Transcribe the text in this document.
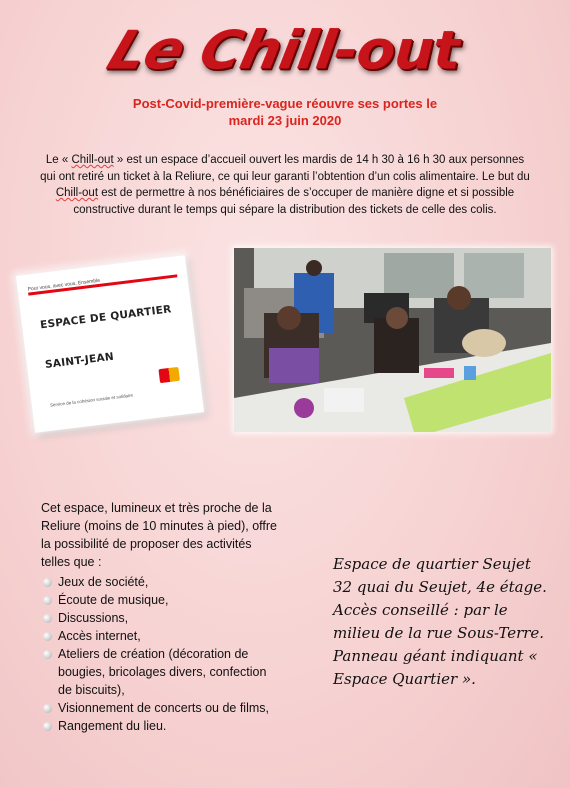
Le Chill-out
Post-Covid-première-vague réouvre ses portes le mardi 23 juin 2020
Le « Chill-out » est un espace d’accueil ouvert les mardis de 14 h 30 à 16 h 30 aux personnes qui ont retiré un ticket à la Reliure, ce qui leur garanti l’obtention d’un colis alimentaire. Le but du Chill-out est de permettre à nos bénéficiaires de s’occuper de manière digne et si possible constructive durant le temps qui sépare la distribution des tickets de celle des colis.
Pour vous, avec vous, Ensemble
ESPACE DE QUARTIER
SAINT-JEAN
Service de la cohésion sociale et solidaire

Cet espace, lumineux et très proche de la Reliure (moins de 10 minutes à pied), offre la possibilité de proposer des activités telles que :

Jeux de société,
Écoute de musique,
Discussions,
Accès internet,
Ateliers de création (décoration de bougies, bricolages divers, confection de biscuits),
Visionnement de concerts ou de films,
Rangement du lieu.
Espace de quartier Seujet
32 quai du Seujet, 4e étage.
Accès conseillé : par le milieu de la rue Sous-Terre.
Panneau géant indiquant « Espace Quartier ».
